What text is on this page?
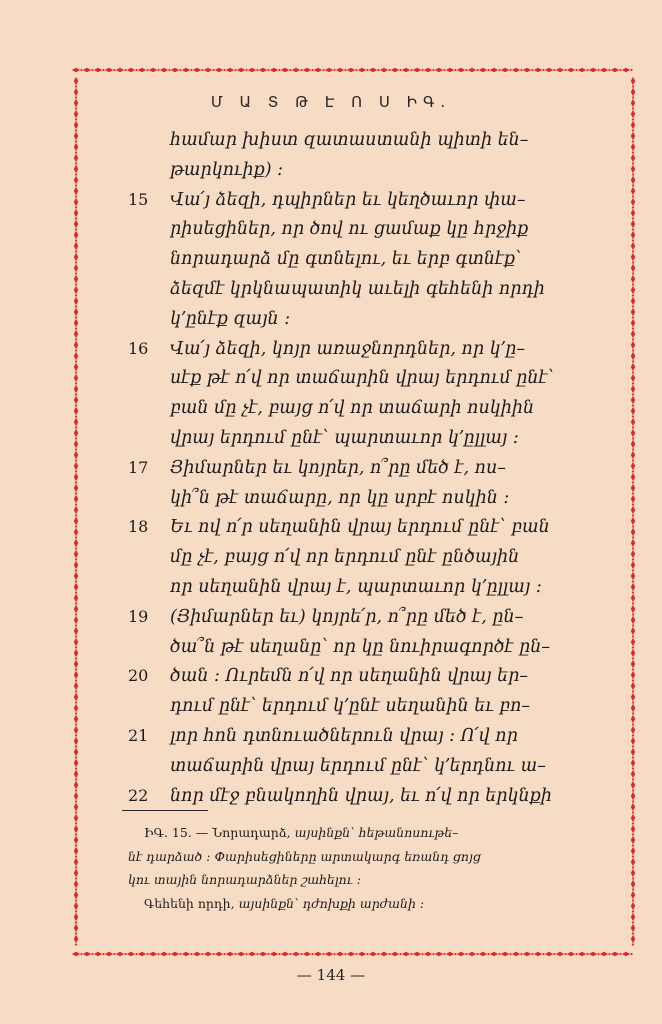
Մ Ա Տ Թ Է Ո Ս ԻԳ.
համար խիստ զատաստանի պիտի են–
թարկուիք) :
15	Վա՛յ ձեզի, դպիրներ եւ կեղծաւոր փա–
րիսեցիներ, որ ծով ու ցամաք կը հրջիք
նորադարձ մը գտնելու, եւ երբ գտնէք՝
ձեզմէ կրկնապատիկ աւելի գեհենի որդի
կ՚ընէք զայն :
16	Վա՛յ ձեզի, կոյր առաջնորդներ, որ կ՚ը–
սէք թէ ո՛վ որ տաճարին վրայ երդում ընէ՝
բան մը չէ, բայց ո՛վ որ տաճարի ոսկիին
վրայ երդում ընէ՝ պարտաւոր կ՚ըլլայ :
17	Յիմարներ եւ կոյրեր, ո՞րը մեծ է, ոս–
կի՞ն թէ տաճարը, որ կը սրբէ ոսկին :
18	Եւ ով ո՛ր սեղանին վրայ երդում ընէ՝ բան
մը չէ, բայց ո՛վ որ երդում ընէ ընծային
որ սեղանին վրայ է, պարտաւոր կ՚ըլլայ :
19	(Յիմարներ եւ) կոյրե՛ր, ո՞րը մեծ է, ըն–
ծա՞ն թէ սեղանը՝ որ կը նուիրագործէ ըն–
20	ծան : Ուրեմն ո՛վ որ սեղանին վրայ եր–
դում ընէ՝ երդում կ՚ընէ սեղանին եւ բո–
21	լոր հոն դտնուածներուն վրայ : Ո՛վ որ
տաճարին վրայ երդում ընէ՝ կ՚երդնու ա–
22	նոր մէջ բնակողին վրայ, եւ ո՛վ որ երկնքի
ԻԳ. 15. — Նորադարձ, այսինքն՝ հեթանոսութե–
նէ դարձած : Փարիսեցիները արտակարգ եռանդ ցոյց
կու տային նորադարձներ շահելու :
Գեհենի որդի, այսինքն՝ դժոխքի արժանի :
— 144 —
